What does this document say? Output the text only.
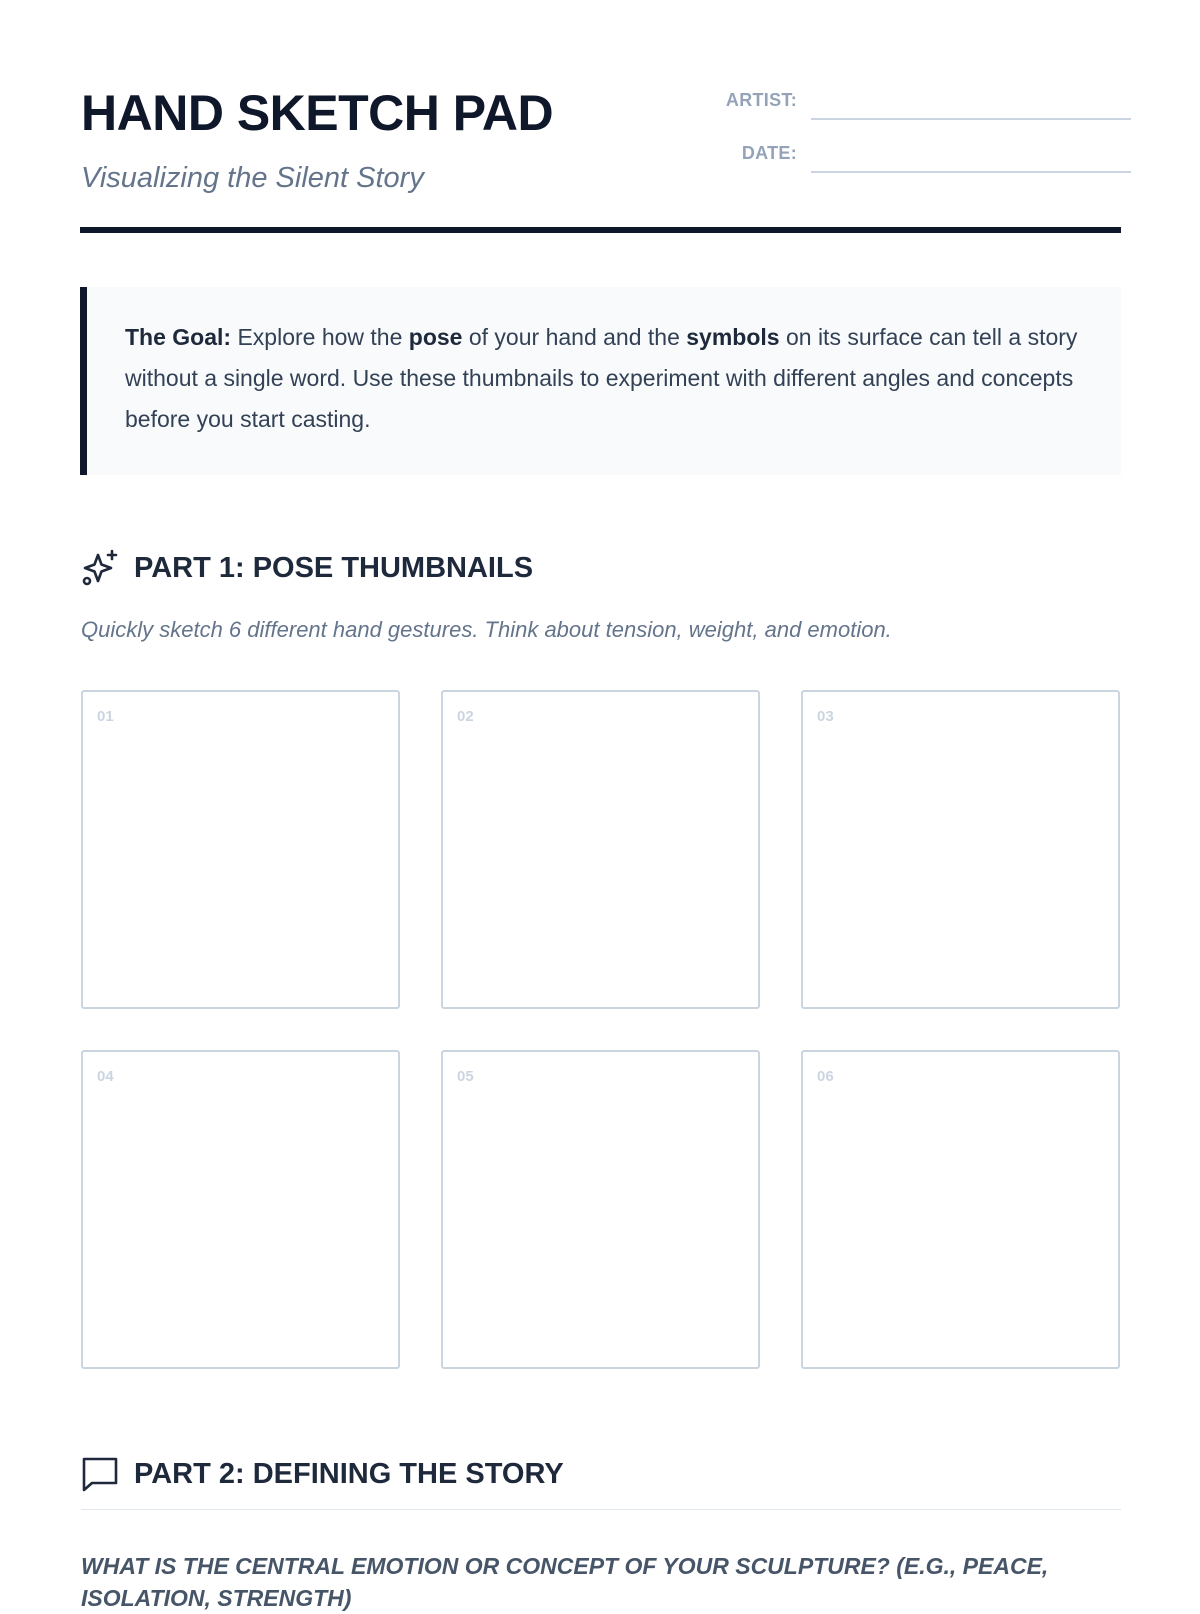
HAND SKETCH PAD
Visualizing the Silent Story
ARTIST:
DATE:
The Goal: Explore how the pose of your hand and the symbols on its surface can tell a story without a single word. Use these thumbnails to experiment with different angles and concepts before you start casting.
PART 1: POSE THUMBNAILS
Quickly sketch 6 different hand gestures. Think about tension, weight, and emotion.
01	02	03
04	05	06
PART 2: DEFINING THE STORY
WHAT IS THE CENTRAL EMOTION OR CONCEPT OF YOUR SCULPTURE? (E.G., PEACE, ISOLATION, STRENGTH)
